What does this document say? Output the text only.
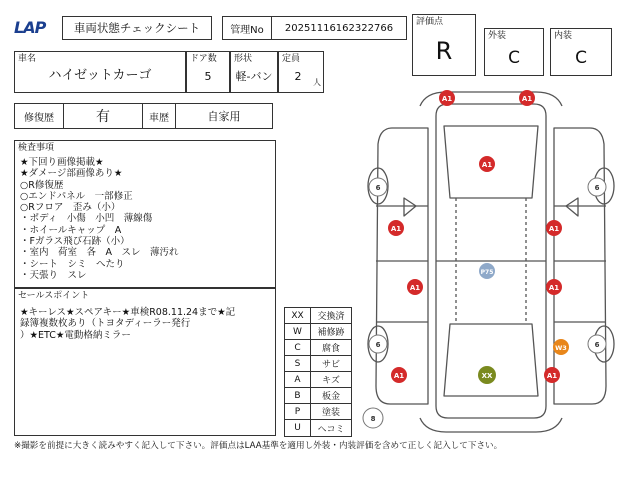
LAP	車両状態チェックシート	管理No 20251116162322766
評価点
R
外装
C
内装
C
車名
ハイゼットカーゴ
ドア数
5
形状
軽-バン
定員
2	人
修復歴	有	車歴	自家用
検査事項
★下回り画像掲載★
★ダメージ部画像あり★
○R修復歴
○エンドパネル　一部修正
○Rフロア　歪み（小）
・ボディ　小傷　小凹　薄線傷
・ホイールキャップ　A
・Fガラス飛び石跡（小）
・室内　荷室　各　A　スレ　薄汚れ
・シート　シミ　へたり
・天張り　スレ
セールスポイント
★キーレス★スペアキー★車検R08.11.24まで★記
録簿複数枚あり（トヨタディーラー発行
）★ETC★電動格納ミラー
XX	交換済
W	補修跡
C	腐食
S	サビ
A	キズ
B	板金
P	塗装
U	ヘコミ
A1	A1
A1
A1	A1
A1	A1
A1	A1
P75
W3
XX
6	6
6	6
8
※撮影を前提に大きく読みやすく記入して下さい。評価点はLAA基準を適用し外装・内装評価を含めて正しく記入して下さい。
